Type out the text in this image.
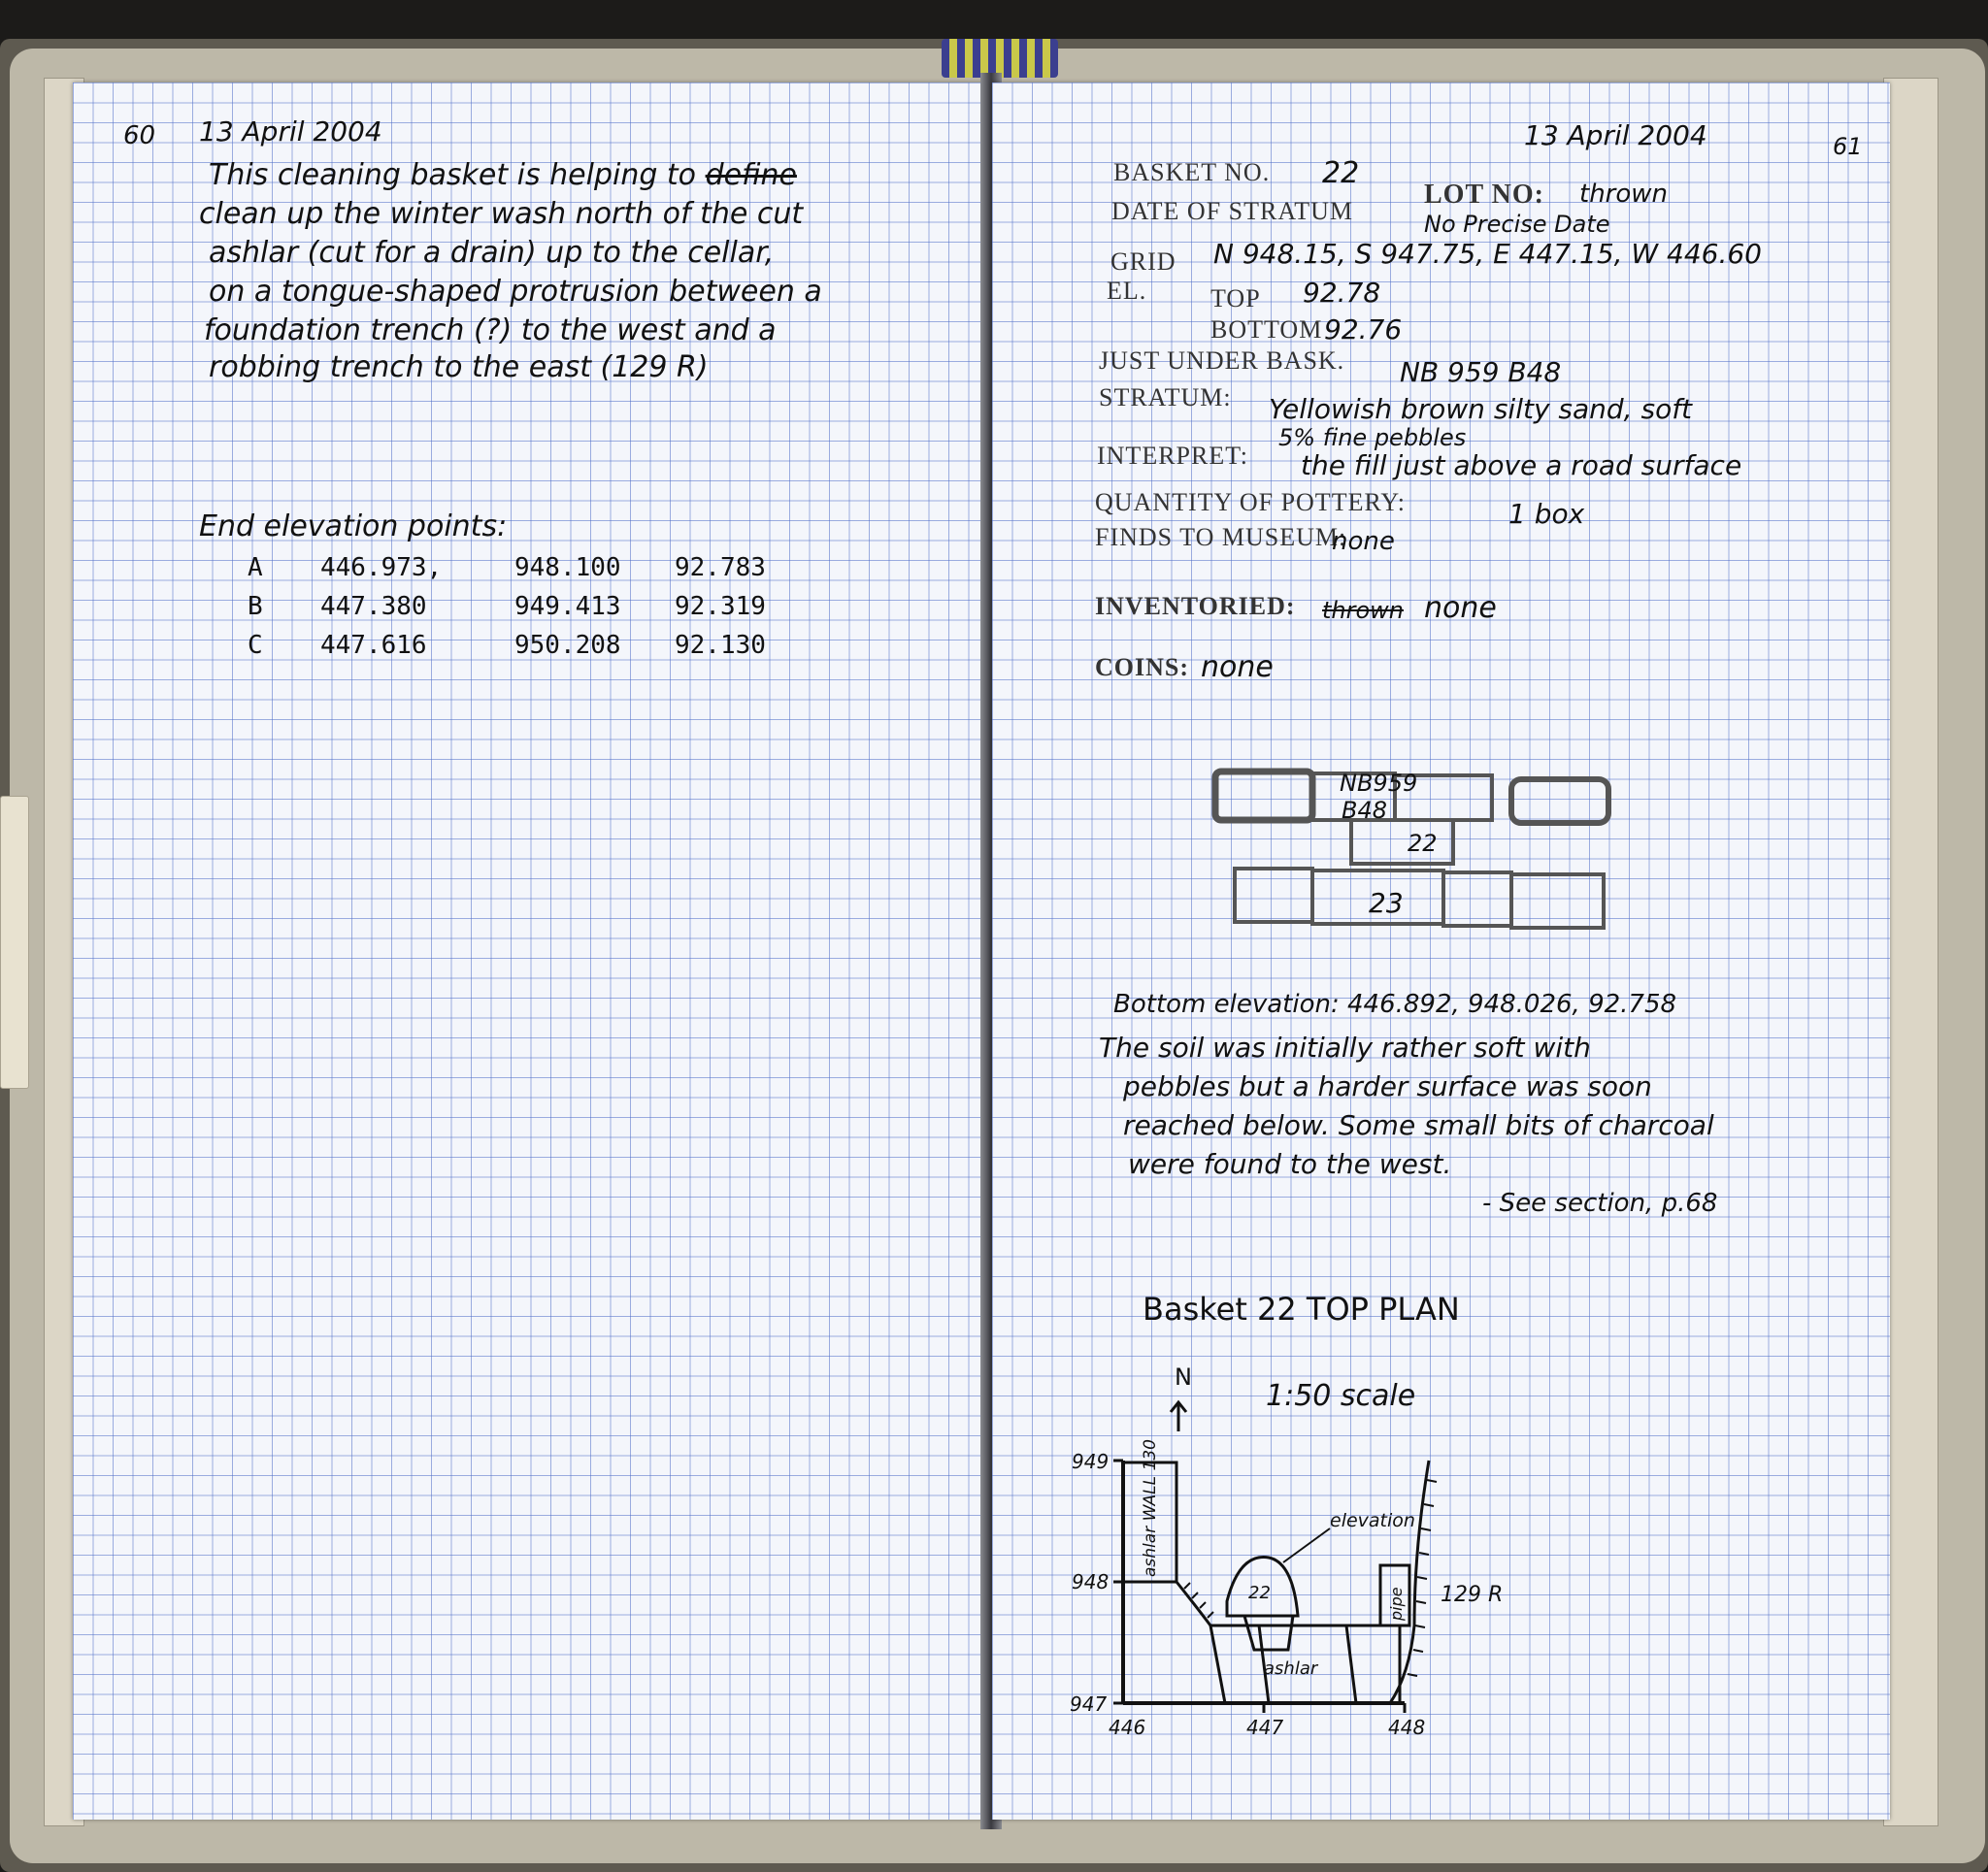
60 13 April 2004
This cleaning basket is helping to define
clean up the winter wash north of the cut
ashlar (cut for a drain) up to the cellar,
on a tongue-shaped protrusion between a
foundation trench (?) to the west and a
robbing trench to the east (129 R)
End elevation points:
A 446.973,	948.100 92.783
B 447.380	949.413 92.319
C 447.616	950.208 92.130
13 April 2004	61
BASKET NO. 22
LOT NO: thrown
DATE OF STRATUM	No Precise Date
GRID N 948.15, S 947.75, E 447.15, W 446.60
EL.	TOP 92.78
BOTTOM 92.76
JUST UNDER BASK. NB 959 B48
STRATUM: Yellowish brown silty sand, soft
5% fine pebbles
INTERPRET: the fill just above a road surface
QUANTITY OF POTTERY:	1 box
FINDS TO MUSEUM:
none
INVENTORIED: thrown none
COINS: none
NB959
B48
22
23
Bottom elevation: 446.892, 948.026, 92.758
The soil was initially rather soft with
pebbles but a harder surface was soon
reached below. Some small bits of charcoal
were found to the west.
- See section, p.68
Basket 22 TOP PLAN
N
1:50 scale
949
948
947
446	447	448
ashlar WALL 130	elevation
22
ashlar
pipe 129 R
